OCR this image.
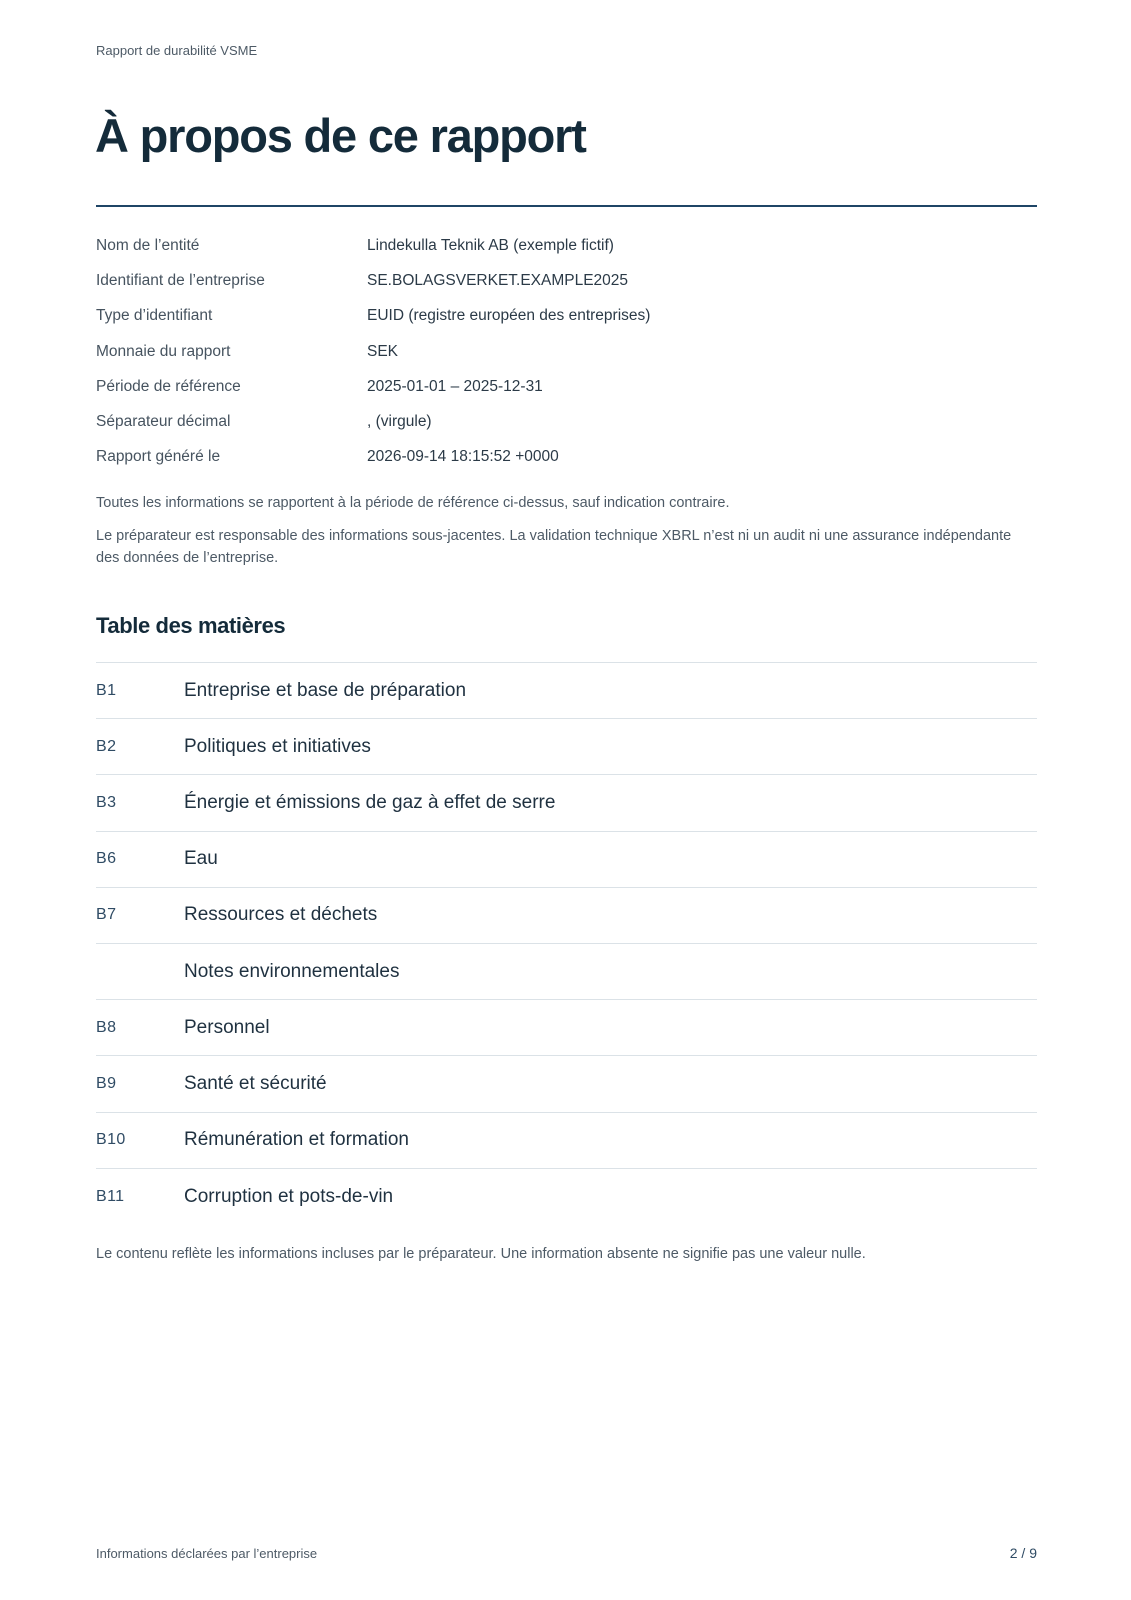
Rapport de durabilité VSME
À propos de ce rapport
Nom de l’entité	Lindekulla Teknik AB (exemple fictif)
Identifiant de l’entreprise	SE.BOLAGSVERKET.EXAMPLE2025
Type d’identifiant	EUID (registre européen des entreprises)
Monnaie du rapport	SEK
Période de référence	2025-01-01 – 2025-12-31
Séparateur décimal	, (virgule)
Rapport généré le	2026-09-14 18:15:52 +0000

Toutes les informations se rapportent à la période de référence ci-dessus, sauf indication contraire.

Le préparateur est responsable des informations sous-jacentes. La validation technique XBRL n’est ni un audit ni une assurance indépendante des données de l’entreprise.

Table des matières
B1	Entreprise et base de préparation
B2	Politiques et initiatives
B3	Énergie et émissions de gaz à effet de serre
B6	Eau
B7	Ressources et déchets
Notes environnementales
B8	Personnel
B9	Santé et sécurité
B10	Rémunération et formation
B11	Corruption et pots-de-vin

Le contenu reflète les informations incluses par le préparateur. Une information absente ne signifie pas une valeur nulle.

Informations déclarées par l’entreprise	2 / 9
